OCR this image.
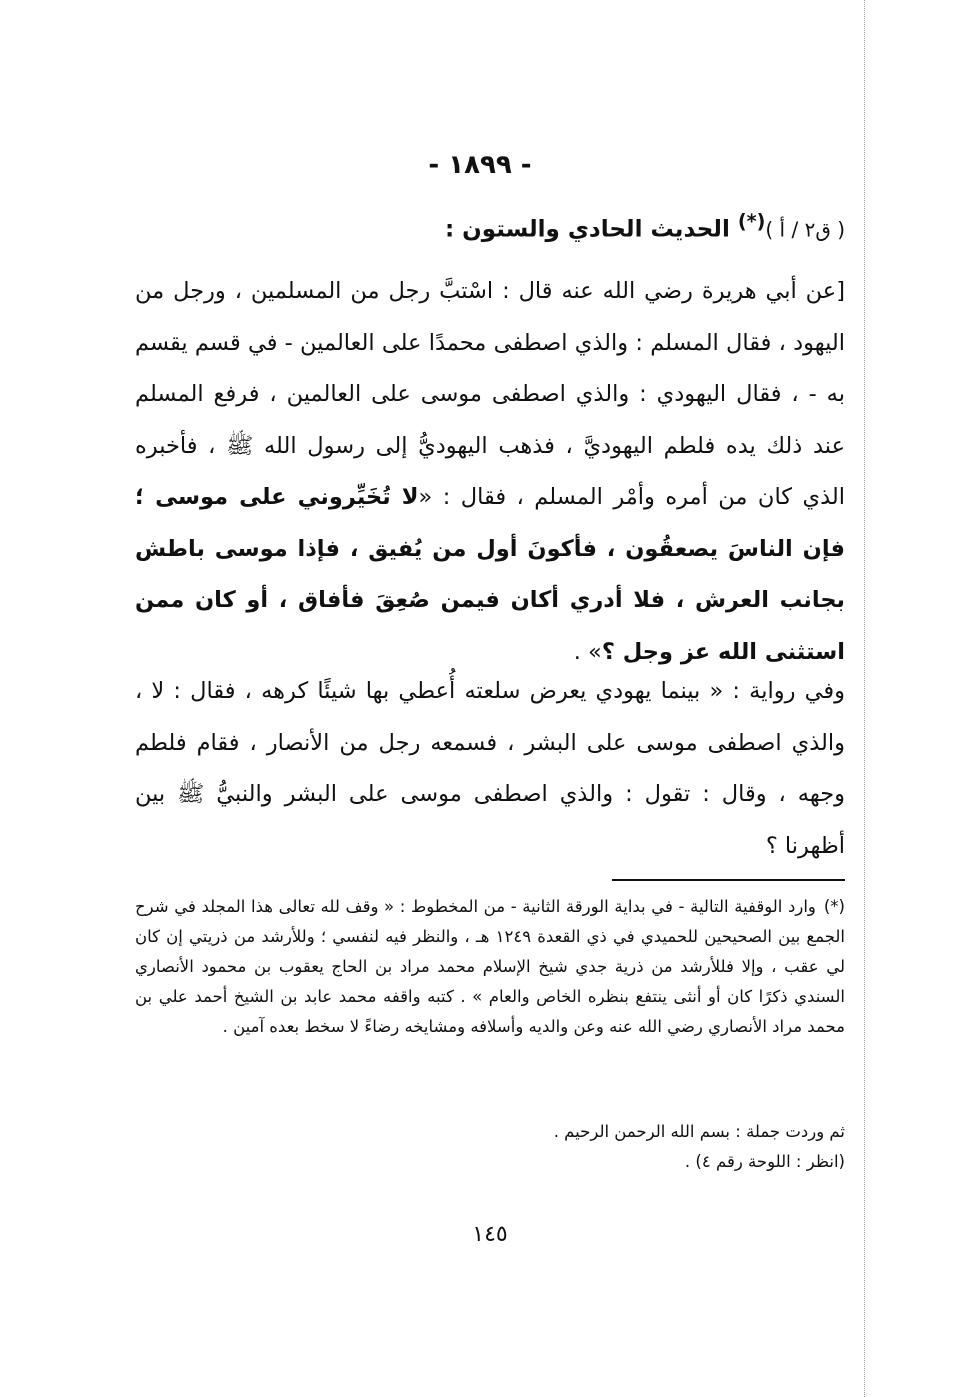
- ١٨٩٩ -
( ق٢ / أ )(*) الحديث الحادي والستون :
[عن أبي هريرة رضي الله عنه قال : اسْتبَّ رجل من المسلمين ، ورجل من اليهود ، فقال المسلم : والذي اصطفى محمدًا على العالمين - في قسم يقسم به - ، فقال اليهودي : والذي اصطفى موسى على العالمين ، فرفع المسلم عند ذلك يده فلطم اليهوديَّ ، فذهب اليهوديُّ إلى رسول الله ﷺ ، فأخبره الذي كان من أمره وأمْر المسلم ، فقال : «لا تُخَيِّروني على موسى ؛ فإن الناسَ يصعقُون ، فأكونَ أول من يُفيق ، فإذا موسى باطش بجانب العرش ، فلا أدري أكان فيمن صُعِقَ فأفاق ، أو كان ممن استثنى الله عز وجل ؟» .
وفي رواية : « بينما يهودي يعرض سلعته أُعطي بها شيئًا كرهه ، فقال : لا ، والذي اصطفى موسى على البشر ، فسمعه رجل من الأنصار ، فقام فلطم وجهه ، وقال : تقول : والذي اصطفى موسى على البشر والنبيُّ ﷺ بين أظهرنا ؟
(*)وارد الوقفية التالية - في بداية الورقة الثانية - من المخطوط : « وقف لله تعالى هذا المجلد في شرح الجمع بين الصحيحين للحميدي في ذي القعدة ١٢٤٩ هـ ، والنظر فيه لنفسي ؛ وللأرشد من ذريتي إن كان لي عقب ، وإلا فللأرشد من ذرية جدي شيخ الإسلام محمد مراد بن الحاج يعقوب بن محمود الأنصاري السندي ذكرًا كان أو أنثى ينتفع بنظره الخاص والعام » . كتبه واقفه محمد عابد بن الشيخ أحمد علي بن محمد مراد الأنصاري رضي الله عنه وعن والديه وأسلافه ومشايخه رضاءً لا سخط بعده آمين .
ثم وردت جملة : بسم الله الرحمن الرحيم .
(انظر : اللوحة رقم ٤) .
١٤٥
